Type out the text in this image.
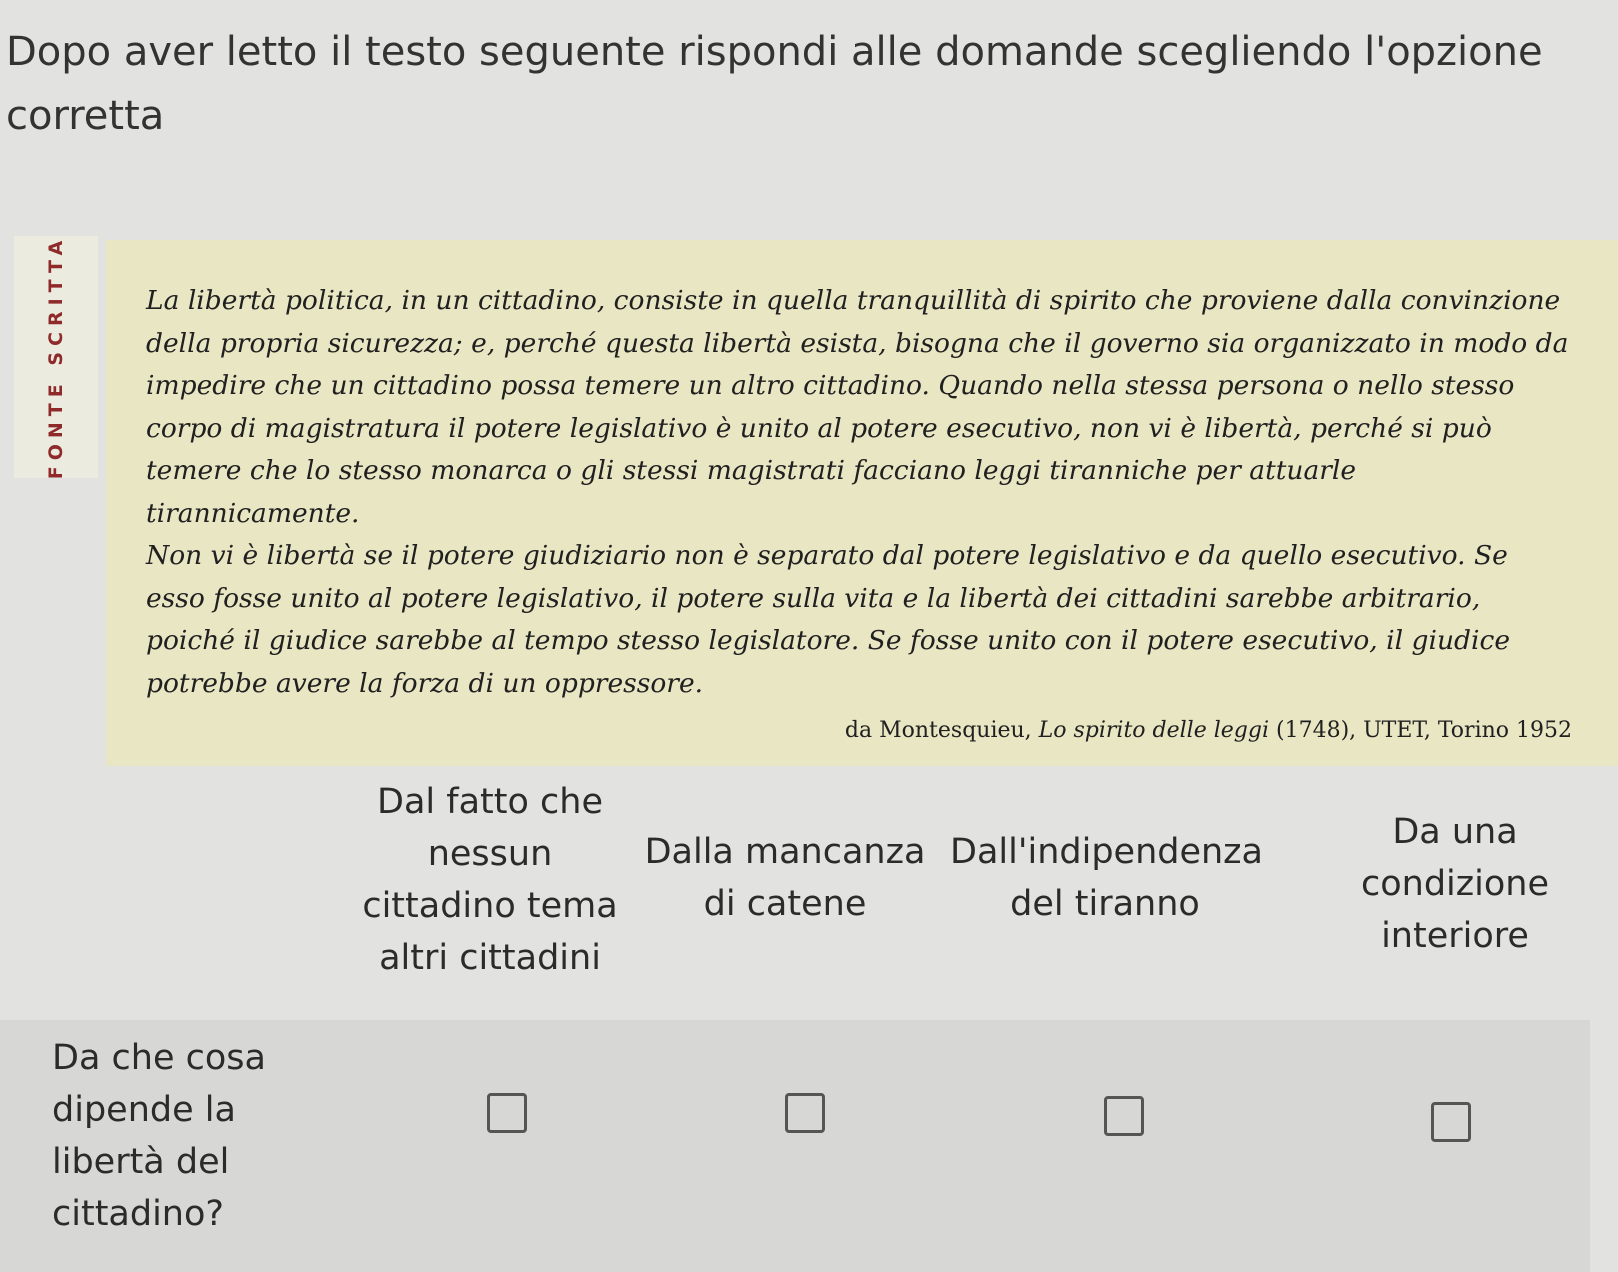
Dopo aver letto il testo seguente rispondi alle domande scegliendo l'opzione corretta
FONTE SCRITTA	La libertà politica, in un cittadino, consiste in quella tranquillità di spirito che proviene dalla convinzione della propria sicurezza; e, perché questa libertà esista, bisogna che il governo sia organizzato in modo da impedire che un cittadino possa temere un altro cittadino. Quando nella stessa persona o nello stesso corpo di magistratura il potere legislativo è unito al potere esecutivo, non vi è libertà, perché si può temere che lo stesso monarca o gli stessi magistrati facciano leggi tiranniche per attuarle tirannicamente.
Non vi è libertà se il potere giudiziario non è separato dal potere legislativo e da quello esecutivo. Se esso fosse unito al potere legislativo, il potere sulla vita e la libertà dei cittadini sarebbe arbitrario, poiché il giudice sarebbe al tempo stesso legislatore. Se fosse unito con il potere esecutivo, il giudice potrebbe avere la forza di un oppressore.

da Montesquieu, Lo spirito delle leggi (1748), UTET, Torino 1952
Dal fatto che nessun cittadino tema altri cittadini
Dalla mancanza di catene
Dall'indipendenza del tiranno
Da una condizione interiore
Da che cosa dipende la libertà del cittadino?
